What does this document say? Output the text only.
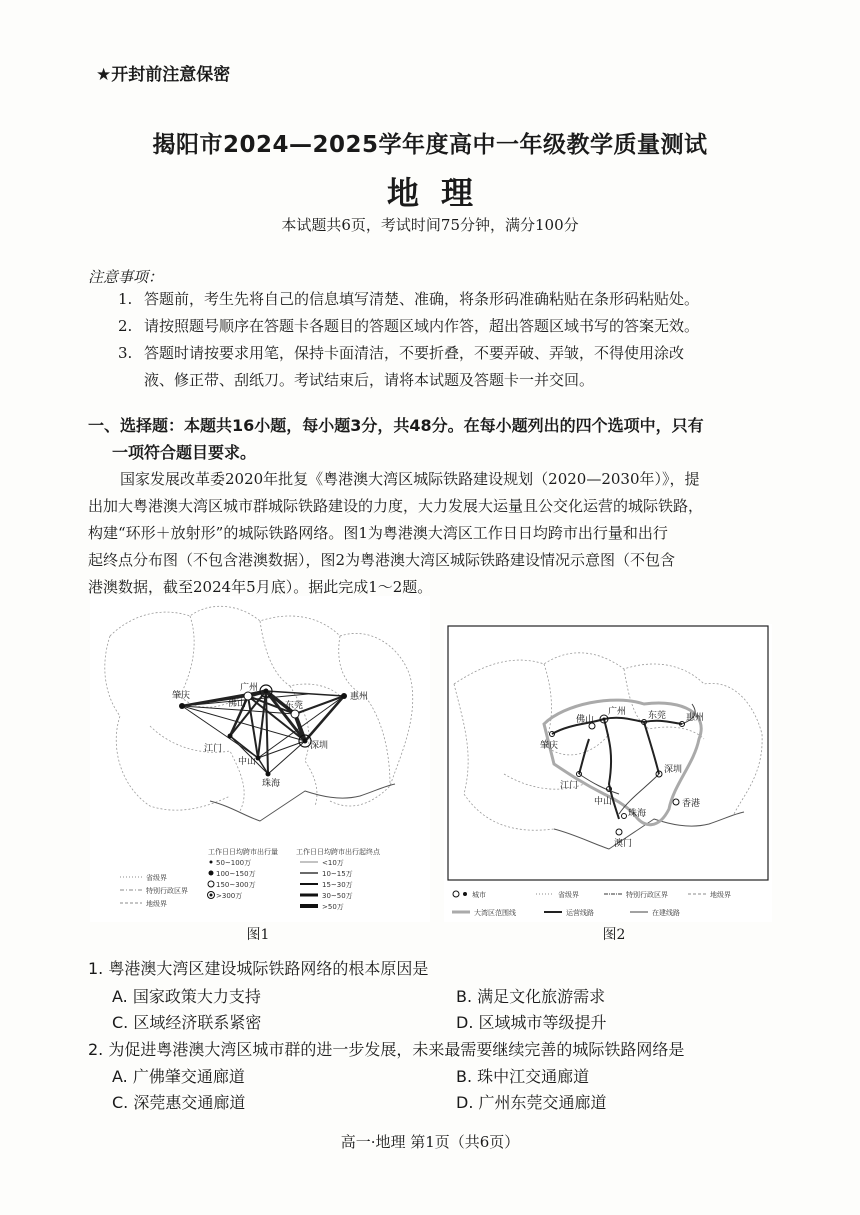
★开封前注意保密
揭阳市2024—2025学年度高中一年级教学质量测试
地理
本试题共6页，考试时间75分钟，满分100分
注意事项：
1. 答题前，考生先将自己的信息填写清楚、准确，将条形码准确粘贴在条形码粘贴处。
2. 请按照题号顺序在答题卡各题目的答题区域内作答，超出答题区域书写的答案无效。
3. 答题时请按要求用笔，保持卡面清洁，不要折叠，不要弄破、弄皱，不得使用涂改
液、修正带、刮纸刀。考试结束后，请将本试题及答题卡一并交回。
一、选择题：本题共16小题，每小题3分，共48分。在每小题列出的四个选项中，只有
一项符合题目要求。
国家发展改革委2020年批复《粤港澳大湾区城际铁路建设规划（2020—2030年）》，提
出加大粤港澳大湾区城市群城际铁路建设的力度，大力发展大运量且公交化运营的城际铁路，
构建“环形＋放射形”的城际铁路网络。图1为粤港澳大湾区工作日日均跨市出行量和出行
起终点分布图（不包含港澳数据），图2为粤港澳大湾区城际铁路建设情况示意图（不包含
港澳数据，截至2024年5月底）。据此完成1～2题。
肇庆
广州
佛山
惠州
东莞
江门	深圳
中山
珠海
工作日日均跨市出行量
50~100万
100~150万
150~300万
>300万
工作日日均跨市出行起终点
<10万
10~15万
15~30万
30~50万
>50万
省级界
特别行政区界
地级界
图1
肇庆
佛山
广州 东莞 惠州
江门
中山
深圳
珠海
香港
澳门
城市	省级界	特别行政区界	地级界
大湾区范围线	运营线路	在建线路
图2
1. 粤港澳大湾区建设城际铁路网络的根本原因是
A. 国家政策大力支持	B. 满足文化旅游需求
C. 区域经济联系紧密	D. 区域城市等级提升
2. 为促进粤港澳大湾区城市群的进一步发展，未来最需要继续完善的城际铁路网络是
A. 广佛肇交通廊道	B. 珠中江交通廊道
C. 深莞惠交通廊道	D. 广州东莞交通廊道
高一·地理 第1页（共6页）
